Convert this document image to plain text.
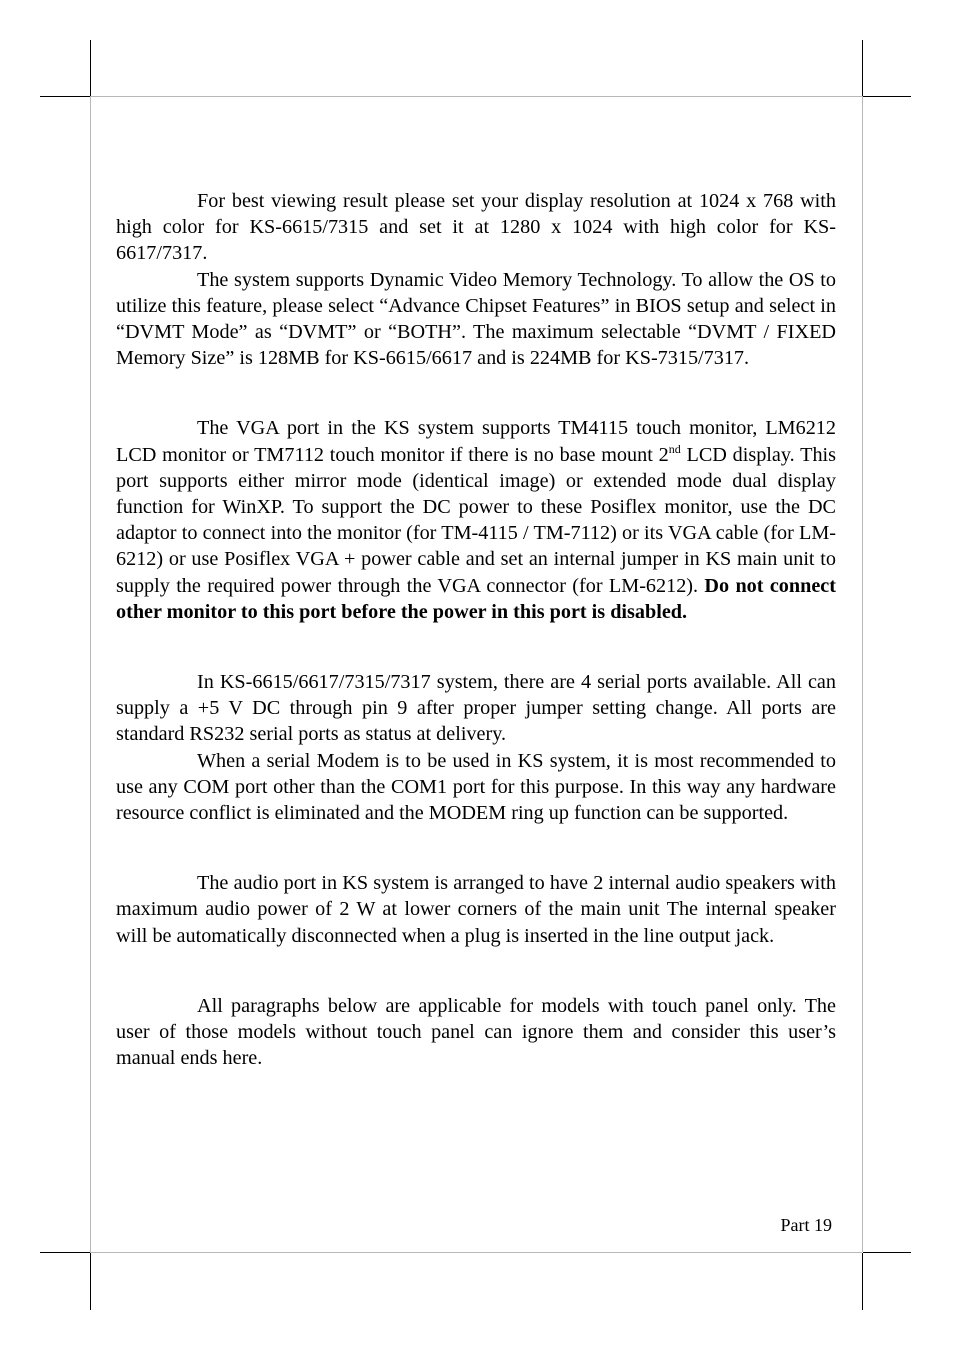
For best viewing result please set your display resolution at 1024 x 768 with high color for KS-6615/7315 and set it at 1280 x 1024 with high color for KS-6617/7317.

The system supports Dynamic Video Memory Technology. To allow the OS to utilize this feature, please select “Advance Chipset Features” in BIOS setup and select in “DVMT Mode” as “DVMT” or “BOTH”. The maximum selectable “DVMT / FIXED Memory Size” is 128MB for KS-6615/6617 and is 224MB for KS-7315/7317.

The VGA port in the KS system supports TM4115 touch monitor, LM6212 LCD monitor or TM7112 touch monitor if there is no base mount 2nd LCD display. This port supports either mirror mode (identical image) or extended mode dual display function for WinXP. To support the DC power to these Posiflex monitor, use the DC adaptor to connect into the monitor (for TM-4115 / TM-7112) or its VGA cable (for LM-6212) or use Posiflex VGA + power cable and set an internal jumper in KS main unit to supply the required power through the VGA connector (for LM-6212). Do not connect other monitor to this port before the power in this port is disabled.

In KS-6615/6617/7315/7317 system, there are 4 serial ports available. All can supply a +5 V DC through pin 9 after proper jumper setting change. All ports are standard RS232 serial ports as status at delivery.

When a serial Modem is to be used in KS system, it is most recommended to use any COM port other than the COM1 port for this purpose. In this way any hardware resource conflict is eliminated and the MODEM ring up function can be supported.

The audio port in KS system is arranged to have 2 internal audio speakers with maximum audio power of 2 W at lower corners of the main unit The internal speaker will be automatically disconnected when a plug is inserted in the line output jack.

All paragraphs below are applicable for models with touch panel only. The user of those models without touch panel can ignore them and consider this user’s manual ends here.

Part 19
